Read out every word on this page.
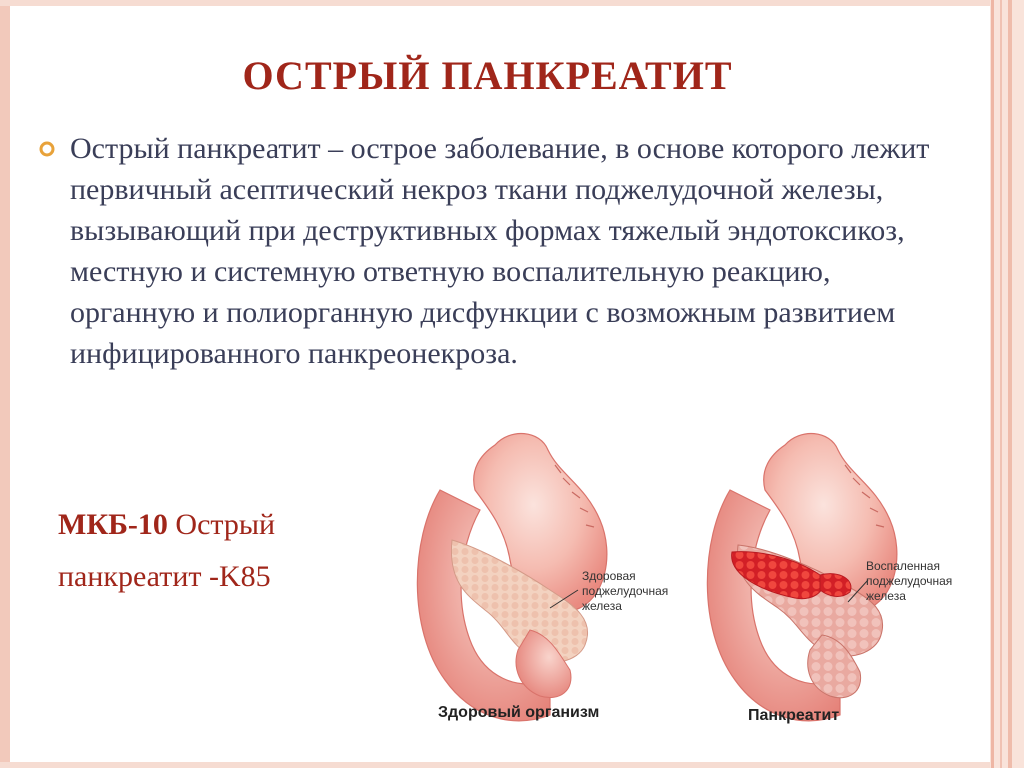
ОСТРЫЙ ПАНКРЕАТИТ
Острый панкреатит – острое заболевание, в основе которого лежит первичный асептический некроз ткани поджелудочной железы, вызывающий при деструктивных формах тяжелый эндотоксикоз, местную и системную ответную воспалительную реакцию, органную и полиорганную дисфункции с возможным развитием инфицированного панкреонекроза.
МКБ-10 Острый
панкреатит -K85	Здоровая
поджелудочная
железа
Здоровый организм
Воспаленная
поджелудочная
железа
Панкреатит
